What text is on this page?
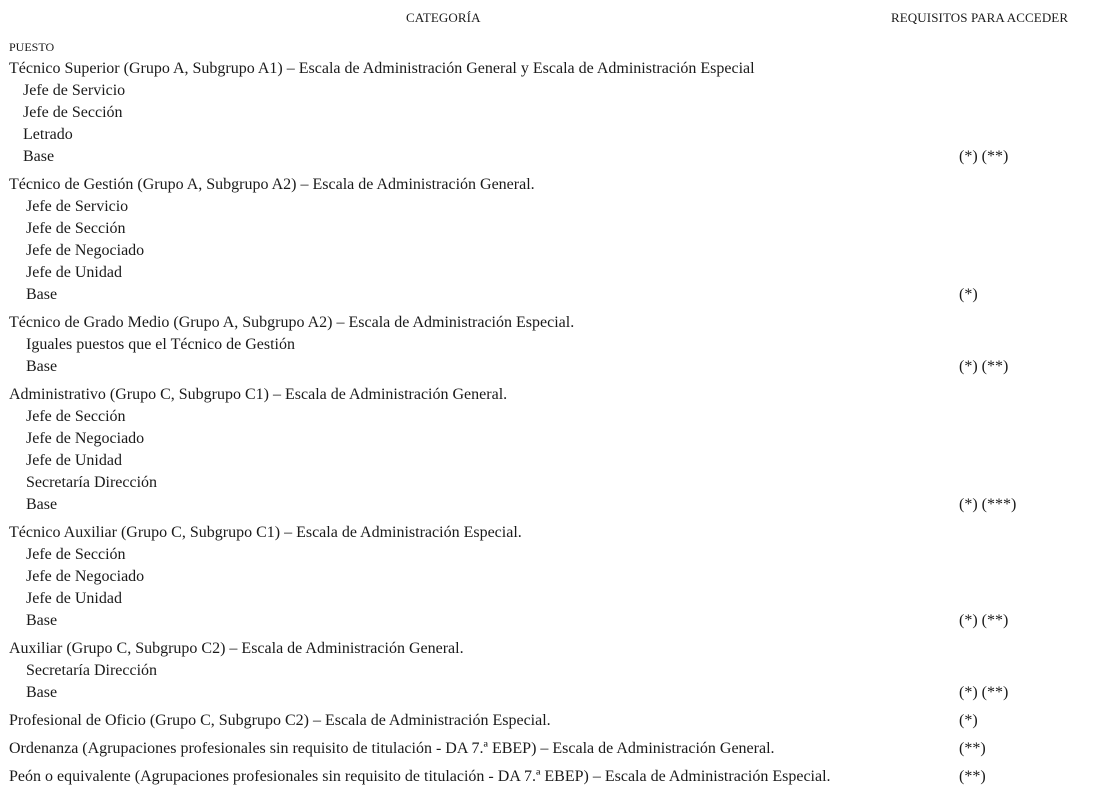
CATEGORÍA	REQUISITOS PARA ACCEDER
PUESTO
Técnico Superior (Grupo A, Subgrupo A1) – Escala de Administración General y Escala de Administración Especial
Jefe de Servicio
Jefe de Sección
Letrado
Base	(*) (**)
Técnico de Gestión (Grupo A, Subgrupo A2) – Escala de Administración General.
Jefe de Servicio
Jefe de Sección
Jefe de Negociado
Jefe de Unidad
Base	(*)
Técnico de Grado Medio (Grupo A, Subgrupo A2) – Escala de Administración Especial.
Iguales puestos que el Técnico de Gestión
Base	(*) (**)
Administrativo (Grupo C, Subgrupo C1) – Escala de Administración General.
Jefe de Sección
Jefe de Negociado
Jefe de Unidad
Secretaría Dirección
Base	(*) (***)
Técnico Auxiliar (Grupo C, Subgrupo C1) – Escala de Administración Especial.
Jefe de Sección
Jefe de Negociado
Jefe de Unidad
Base	(*) (**)
Auxiliar (Grupo C, Subgrupo C2) – Escala de Administración General.
Secretaría Dirección
Base	(*) (**)
Profesional de Oficio (Grupo C, Subgrupo C2) – Escala de Administración Especial.	(*)
Ordenanza (Agrupaciones profesionales sin requisito de titulación - DA 7.ª EBEP) – Escala de Administración General.	(**)
Peón o equivalente (Agrupaciones profesionales sin requisito de titulación - DA 7.ª EBEP) – Escala de Administración Especial.	(**)
